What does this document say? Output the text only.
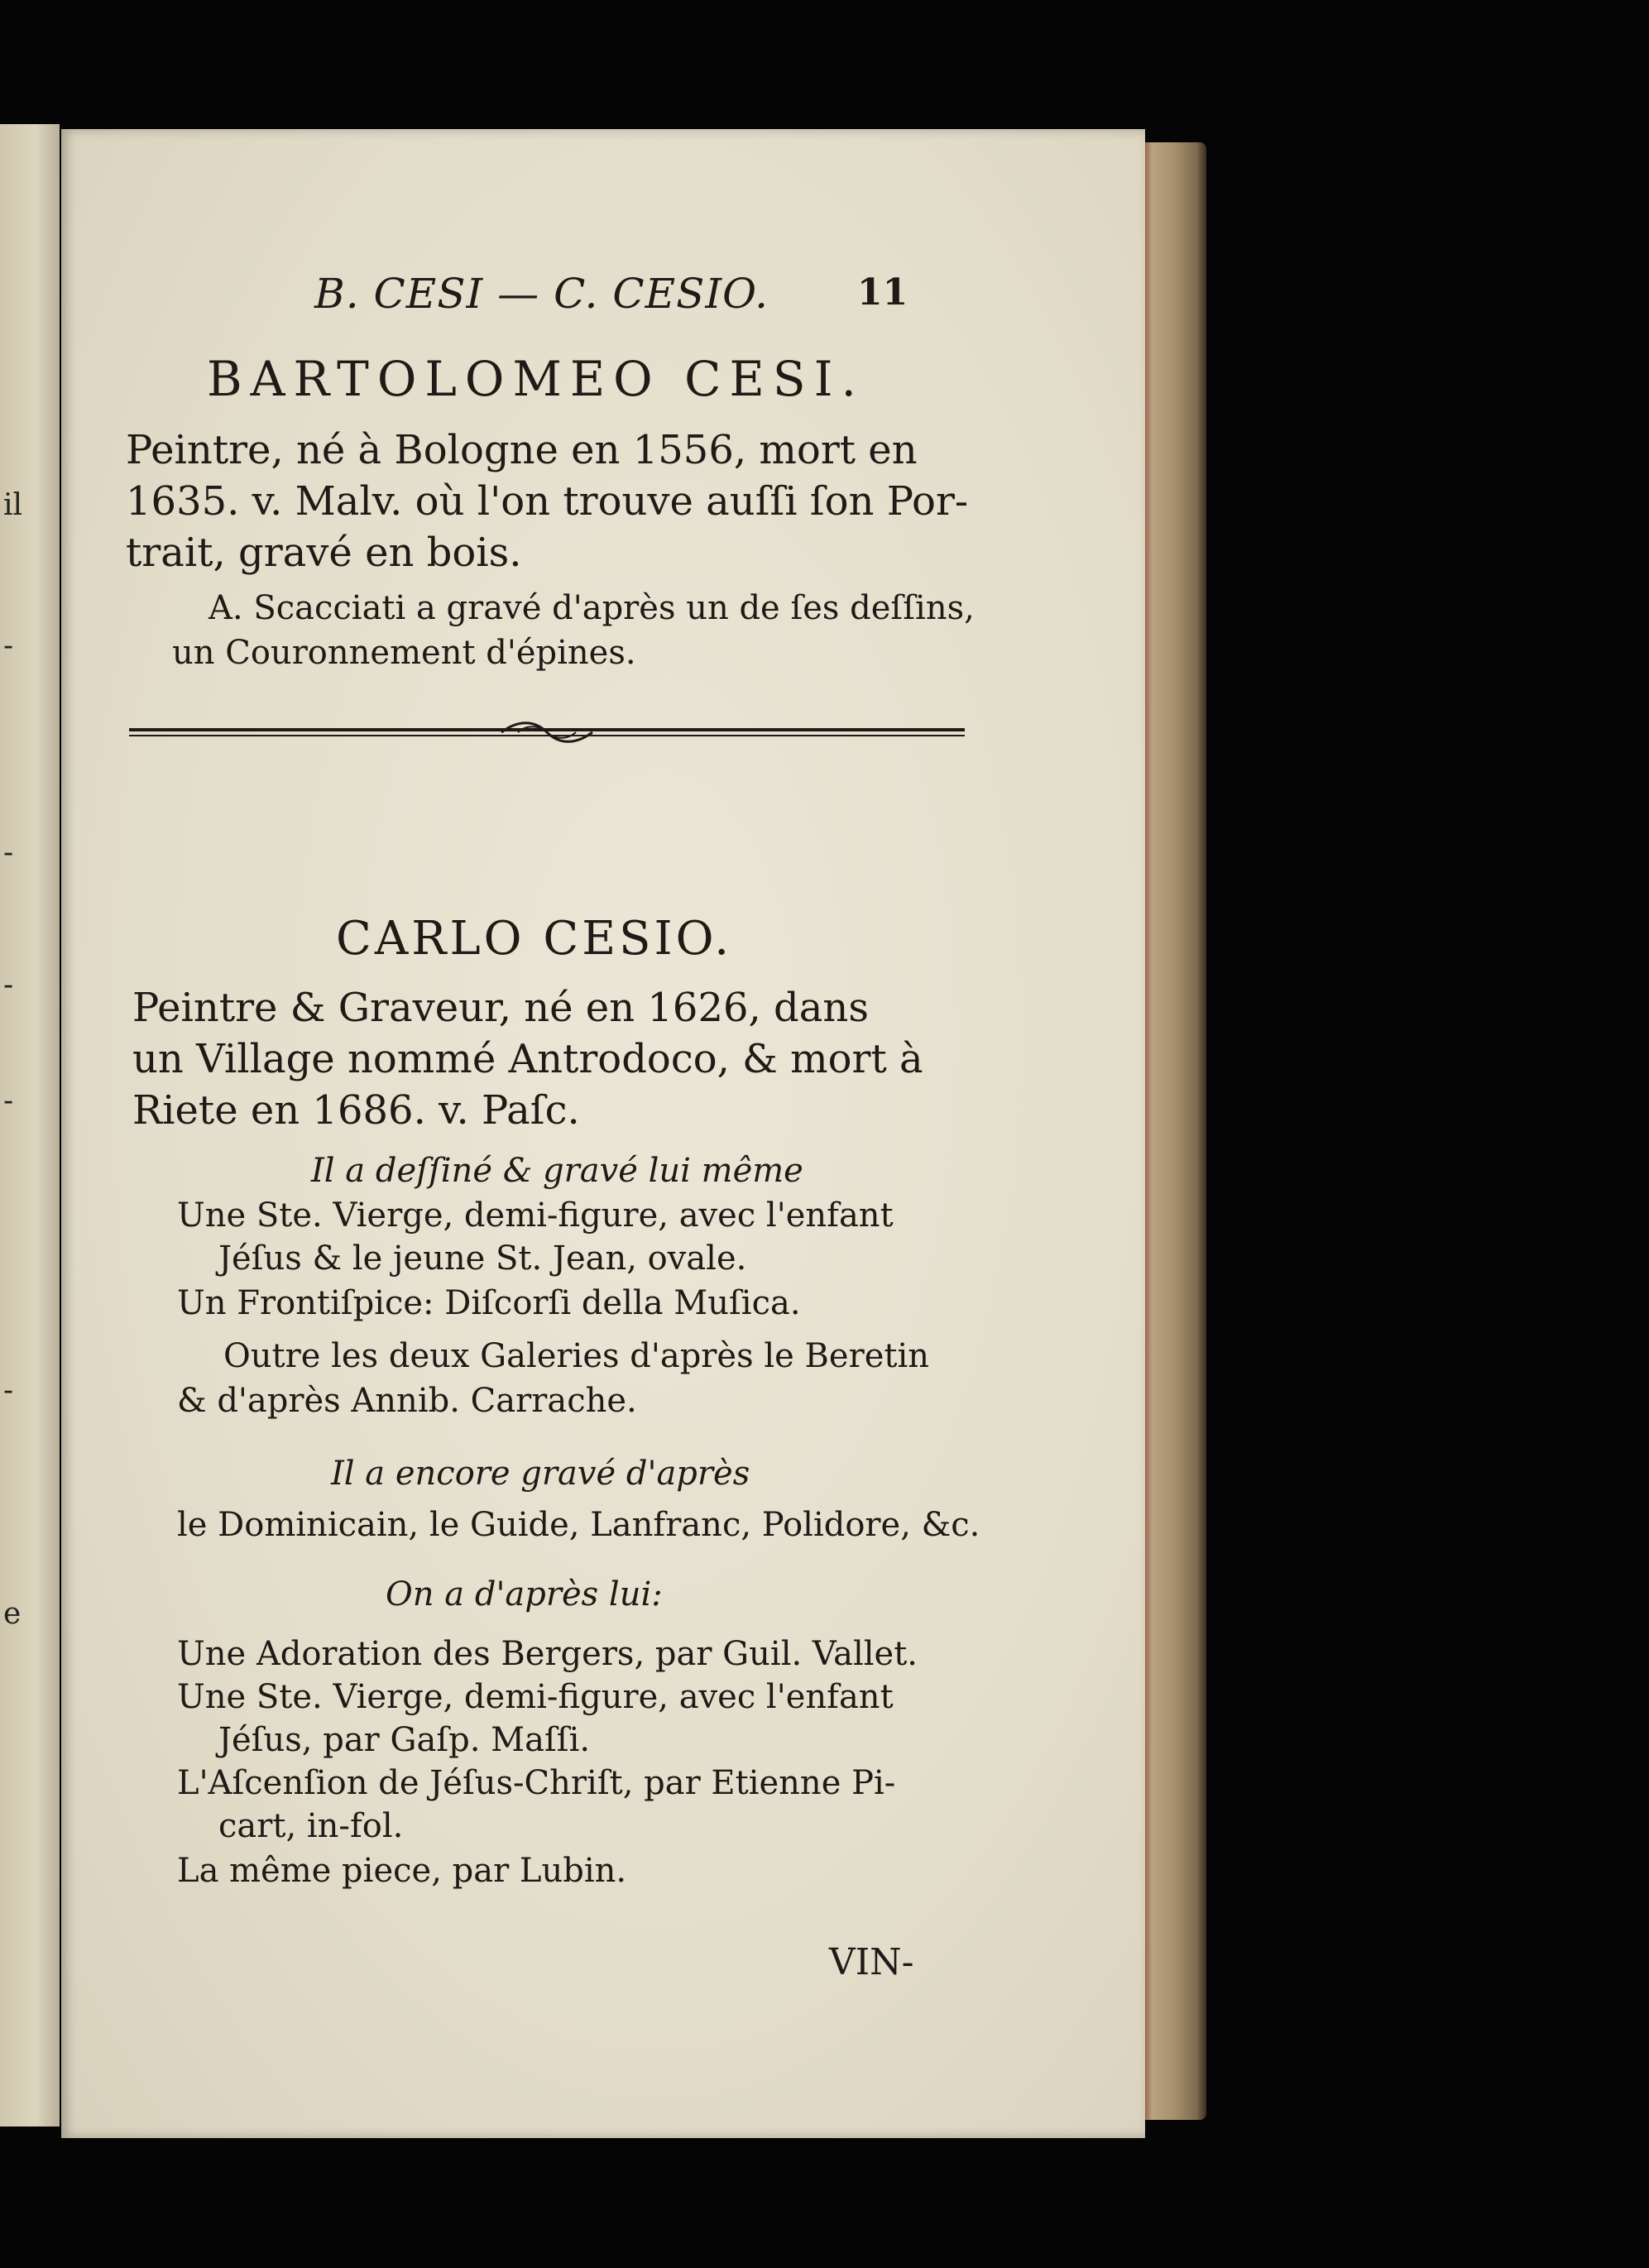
il
-
-
-
-
-
e
B. CESI — C. CESIO. 11
BARTOLOMEO CESI.
Peintre, né à Bologne en 1556, mort en
1635. v. Malv. où l'on trouve auſſi ſon Por-
trait, gravé en bois.
A. Scacciati a gravé d'après un de ſes deſſins,
un Couronnement d'épines.
CARLO CESIO.
Peintre & Graveur, né en 1626, dans
un Village nommé Antrodoco, & mort à
Riete en 1686. v. Paſc.
Il a deſſiné & gravé lui même
Une Ste. Vierge, demi-figure, avec l'enfant
Jéſus & le jeune St. Jean, ovale.
Un Frontiſpice: Diſcorſi della Muſica.
Outre les deux Galeries d'après le Beretin
& d'après Annib. Carrache.
Il a encore gravé d'après
le Dominicain, le Guide, Lanfranc, Polidore, &c.
On a d'après lui:
Une Adoration des Bergers, par Guil. Vallet.
Une Ste. Vierge, demi-figure, avec l'enfant
Jéſus, par Gaſp. Maſſi.
L'Aſcenſion de Jéſus-Chriſt, par Etienne Pi-
cart, in-fol.
La même piece, par Lubin.
VIN-
